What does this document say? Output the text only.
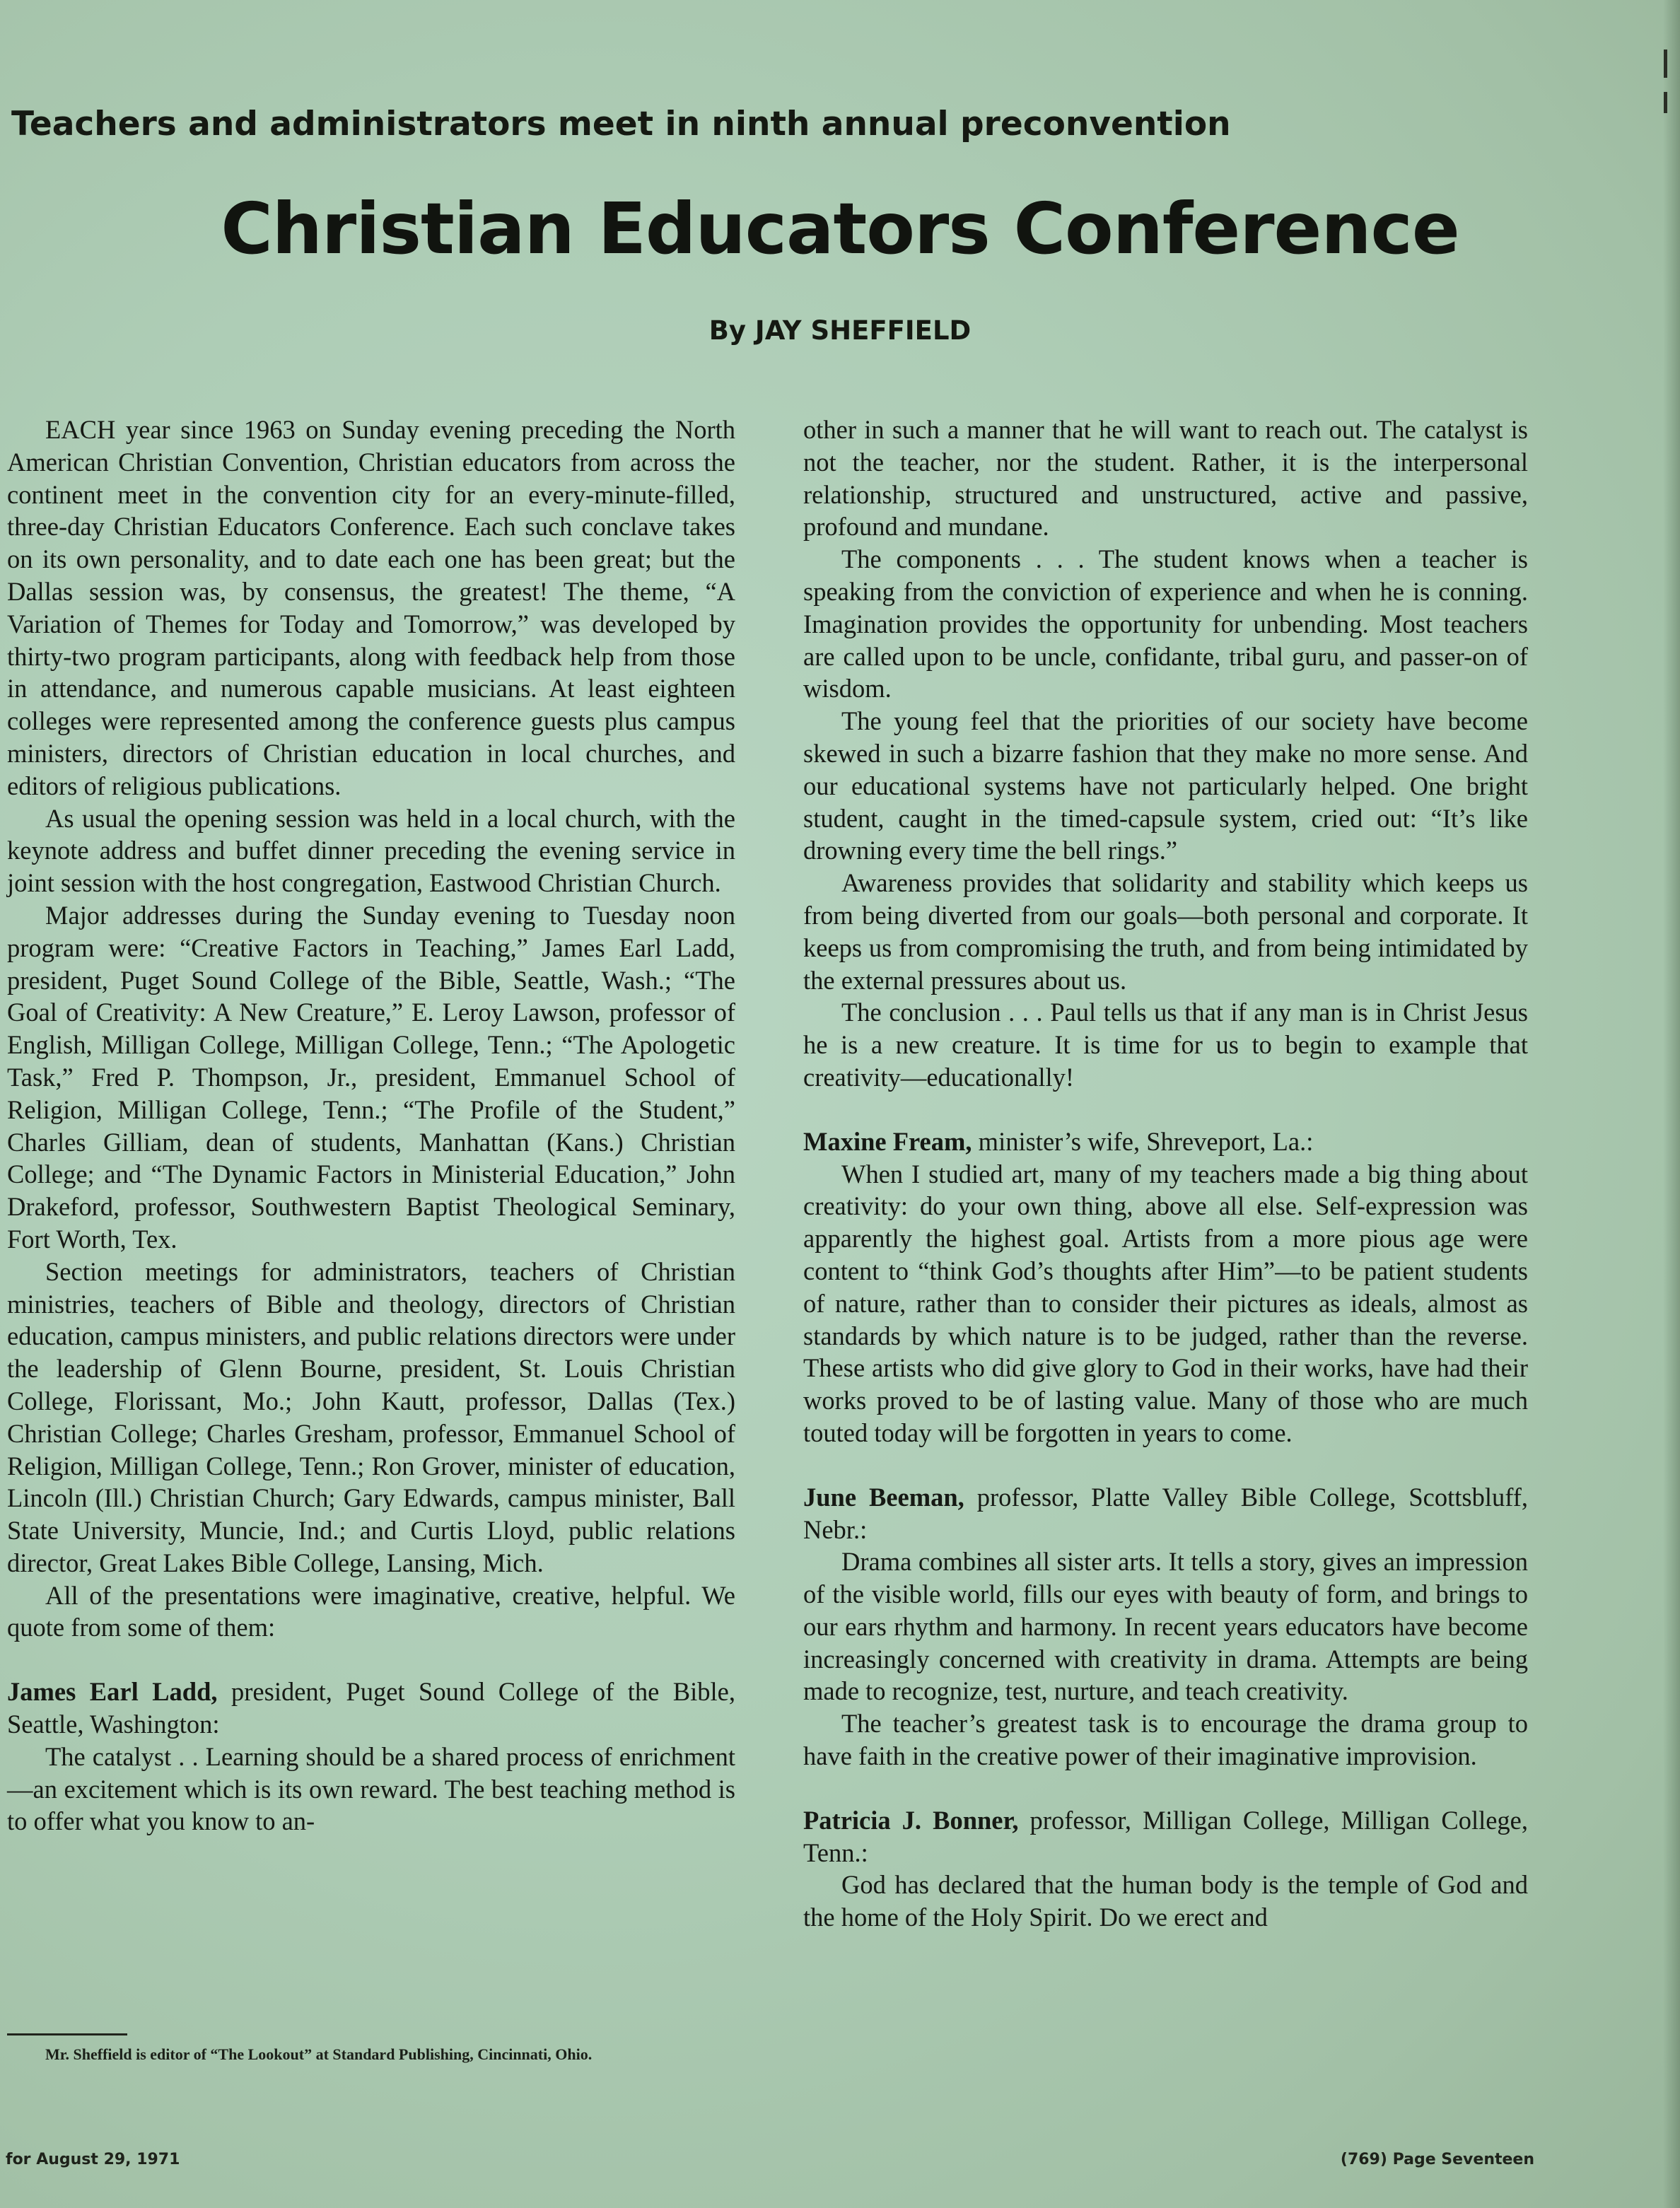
Teachers and administrators meet in ninth annual preconvention
Christian Educators Conference
By JAY SHEFFIELD

EACH year since 1963 on Sunday evening preceding the North American Christian Convention, Christian educators from across the continent meet in the convention city for an every-minute-filled, three-day Christian Educators Conference. Each such conclave takes on its own personality, and to date each one has been great; but the Dallas session was, by consensus, the greatest! The theme, “A Variation of Themes for Today and Tomorrow,” was developed by thirty-two program participants, along with feedback help from those in attendance, and numerous capable musicians. At least eighteen colleges were represented among the conference guests plus campus ministers, directors of Christian education in local churches, and editors of religious publications.

As usual the opening session was held in a local church, with the keynote address and buffet dinner preceding the evening service in joint session with the host congregation, Eastwood Christian Church.

Major addresses during the Sunday evening to Tuesday noon program were: “Creative Factors in Teaching,” James Earl Ladd, president, Puget Sound College of the Bible, Seattle, Wash.; “The Goal of Creativity: A New Creature,” E. Leroy Lawson, professor of English, Milligan College, Milligan College, Tenn.; “The Apologetic Task,” Fred P. Thompson, Jr., president, Emmanuel School of Religion, Milligan College, Tenn.; “The Profile of the Student,” Charles Gilliam, dean of students, Manhattan (Kans.) Christian College; and “The Dynamic Factors in Ministerial Education,” John Drakeford, professor, Southwestern Baptist Theological Seminary, Fort Worth, Tex.

Section meetings for administrators, teachers of Christian ministries, teachers of Bible and theology, directors of Christian education, campus ministers, and public relations directors were under the leadership of Glenn Bourne, president, St. Louis Christian College, Florissant, Mo.; John Kautt, professor, Dallas (Tex.) Christian College; Charles Gresham, professor, Emmanuel School of Religion, Milligan College, Tenn.; Ron Grover, minister of education, Lincoln (Ill.) Christian Church; Gary Edwards, campus minister, Ball State University, Muncie, Ind.; and Curtis Lloyd, public relations director, Great Lakes Bible College, Lansing, Mich.

All of the presentations were imaginative, creative, helpful. We quote from some of them:

James Earl Ladd, president, Puget Sound College of the Bible, Seattle, Washington:

The catalyst . . Learning should be a shared process of enrichment—an excitement which is its own reward. The best teaching method is to offer what you know to an-

other in such a manner that he will want to reach out. The catalyst is not the teacher, nor the student. Rather, it is the interpersonal relationship, structured and unstructured, active and passive, profound and mundane.

The components . . . The student knows when a teacher is speaking from the conviction of experience and when he is conning. Imagination provides the opportunity for unbending. Most teachers are called upon to be uncle, confidante, tribal guru, and passer-on of wisdom.

The young feel that the priorities of our society have become skewed in such a bizarre fashion that they make no more sense. And our educational systems have not particularly helped. One bright student, caught in the timed-capsule system, cried out: “It’s like drowning every time the bell rings.”

Awareness provides that solidarity and stability which keeps us from being diverted from our goals—both personal and corporate. It keeps us from compromising the truth, and from being intimidated by the external pressures about us.

The conclusion . . . Paul tells us that if any man is in Christ Jesus he is a new creature. It is time for us to begin to example that creativity—educationally!

Maxine Fream, minister’s wife, Shreveport, La.:

When I studied art, many of my teachers made a big thing about creativity: do your own thing, above all else. Self-expression was apparently the highest goal. Artists from a more pious age were content to “think God’s thoughts after Him”—to be patient students of nature, rather than to consider their pictures as ideals, almost as standards by which nature is to be judged, rather than the reverse. These artists who did give glory to God in their works, have had their works proved to be of lasting value. Many of those who are much touted today will be forgotten in years to come.

June Beeman, professor, Platte Valley Bible College, Scottsbluff, Nebr.:

Drama combines all sister arts. It tells a story, gives an impression of the visible world, fills our eyes with beauty of form, and brings to our ears rhythm and harmony. In recent years educators have become increasingly concerned with creativity in drama. Attempts are being made to recognize, test, nurture, and teach creativity.

The teacher’s greatest task is to encourage the drama group to have faith in the creative power of their imaginative improvision.

Patricia J. Bonner, professor, Milligan College, Milligan College, Tenn.:

God has declared that the human body is the temple of God and the home of the Holy Spirit. Do we erect and

Mr. Sheffield is editor of “The Lookout” at Standard Publishing, Cincinnati, Ohio.
for August 29, 1971	(769) Page Seventeen
